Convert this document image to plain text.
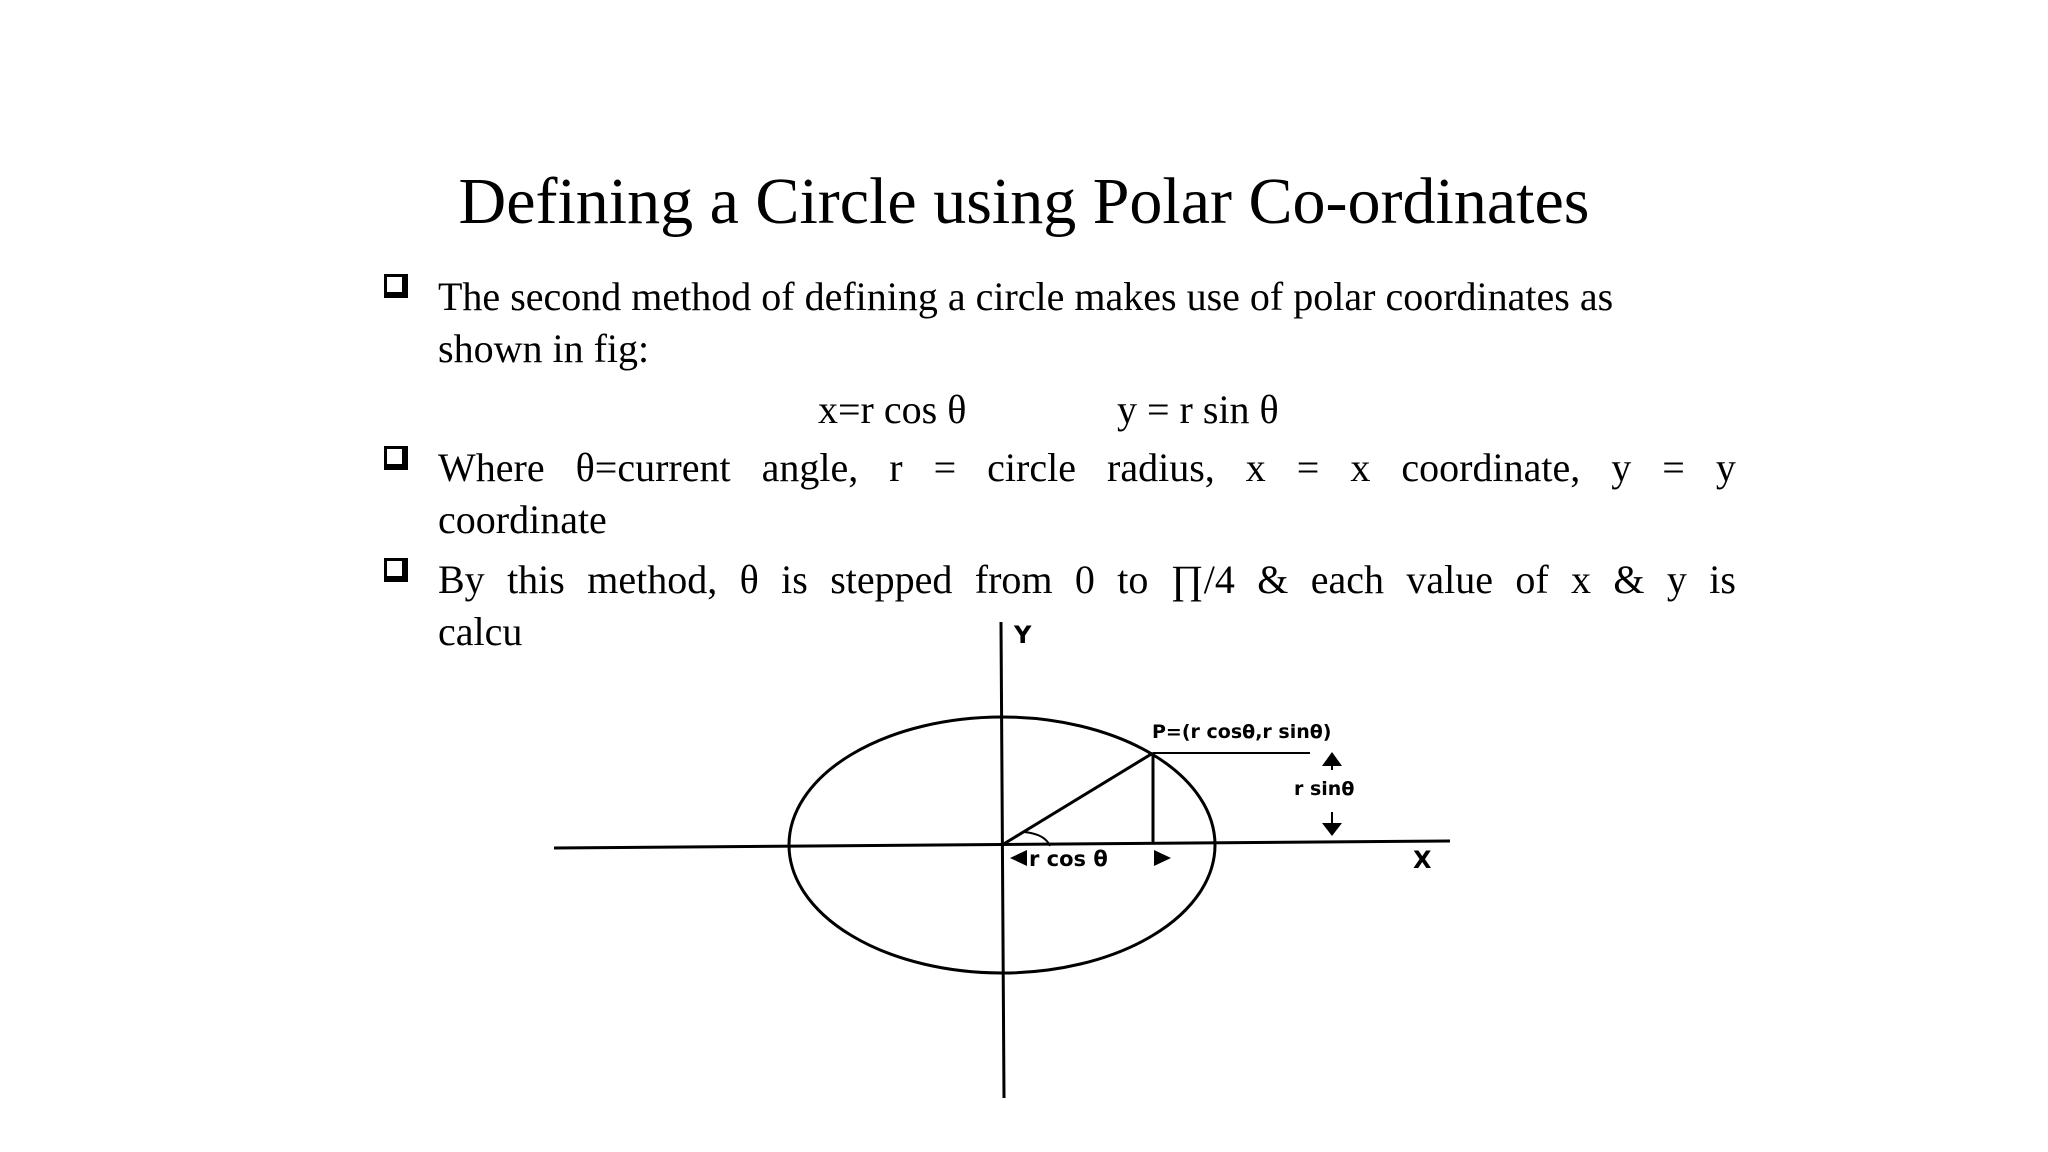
Defining a Circle using Polar Co-ordinates
The second method of defining a circle makes use of polar coordinates as
shown in fig:
x=r cos θ	y = r sin θ
Where θ=current angle, r = circle radius, x = x coordinate, y = y
coordinate
By this method, θ is stepped from 0 to ∏/4 & each value of x & y is
calcu	Y
X
P=(r cosθ,r sinθ)
r sinθ
r cos θ
